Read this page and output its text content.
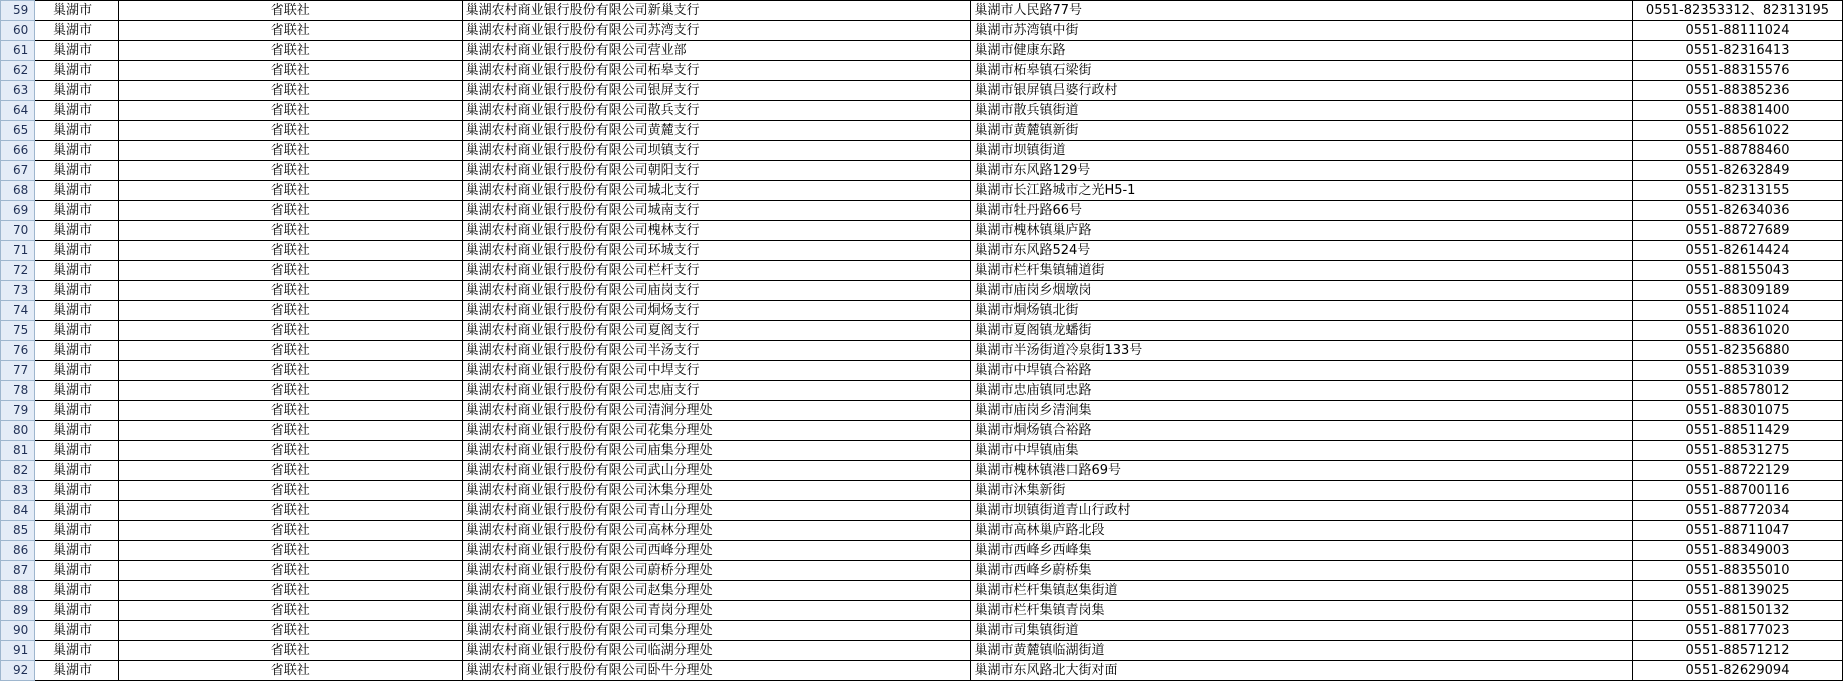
59	巢湖市	省联社	巢湖农村商业银行股份有限公司新巢支行	巢湖市人民路77号	0551-82353312、82313195
60	巢湖市	省联社	巢湖农村商业银行股份有限公司苏湾支行	巢湖市苏湾镇中街	0551-88111024
61	巢湖市	省联社	巢湖农村商业银行股份有限公司营业部	巢湖市健康东路	0551-82316413
62	巢湖市	省联社	巢湖农村商业银行股份有限公司柘皋支行	巢湖市柘皋镇石梁街	0551-88315576
63	巢湖市	省联社	巢湖农村商业银行股份有限公司银屏支行	巢湖市银屏镇吕婆行政村	0551-88385236
64	巢湖市	省联社	巢湖农村商业银行股份有限公司散兵支行	巢湖市散兵镇街道	0551-88381400
65	巢湖市	省联社	巢湖农村商业银行股份有限公司黄麓支行	巢湖市黄麓镇新街	0551-88561022
66	巢湖市	省联社	巢湖农村商业银行股份有限公司坝镇支行	巢湖市坝镇街道	0551-88788460
67	巢湖市	省联社	巢湖农村商业银行股份有限公司朝阳支行	巢湖市东风路129号	0551-82632849
68	巢湖市	省联社	巢湖农村商业银行股份有限公司城北支行	巢湖市长江路城市之光H5-1	0551-82313155
69	巢湖市	省联社	巢湖农村商业银行股份有限公司城南支行	巢湖市牡丹路66号	0551-82634036
70	巢湖市	省联社	巢湖农村商业银行股份有限公司槐林支行	巢湖市槐林镇巢庐路	0551-88727689
71	巢湖市	省联社	巢湖农村商业银行股份有限公司环城支行	巢湖市东风路524号	0551-82614424
72	巢湖市	省联社	巢湖农村商业银行股份有限公司栏杆支行	巢湖市栏杆集镇辅道街	0551-88155043
73	巢湖市	省联社	巢湖农村商业银行股份有限公司庙岗支行	巢湖市庙岗乡烟墩岗	0551-88309189
74	巢湖市	省联社	巢湖农村商业银行股份有限公司烔炀支行	巢湖市烔炀镇北街	0551-88511024
75	巢湖市	省联社	巢湖农村商业银行股份有限公司夏阁支行	巢湖市夏阁镇龙蟠街	0551-88361020
76	巢湖市	省联社	巢湖农村商业银行股份有限公司半汤支行	巢湖市半汤街道冷泉街133号	0551-82356880
77	巢湖市	省联社	巢湖农村商业银行股份有限公司中垾支行	巢湖市中垾镇合裕路	0551-88531039
78	巢湖市	省联社	巢湖农村商业银行股份有限公司忠庙支行	巢湖市忠庙镇同忠路	0551-88578012
79	巢湖市	省联社	巢湖农村商业银行股份有限公司清涧分理处	巢湖市庙岗乡清涧集	0551-88301075
80	巢湖市	省联社	巢湖农村商业银行股份有限公司花集分理处	巢湖市烔炀镇合裕路	0551-88511429
81	巢湖市	省联社	巢湖农村商业银行股份有限公司庙集分理处	巢湖市中垾镇庙集	0551-88531275
82	巢湖市	省联社	巢湖农村商业银行股份有限公司武山分理处	巢湖市槐林镇港口路69号	0551-88722129
83	巢湖市	省联社	巢湖农村商业银行股份有限公司沐集分理处	巢湖市沐集新街	0551-88700116
84	巢湖市	省联社	巢湖农村商业银行股份有限公司青山分理处	巢湖市坝镇街道青山行政村	0551-88772034
85	巢湖市	省联社	巢湖农村商业银行股份有限公司高林分理处	巢湖市高林巢庐路北段	0551-88711047
86	巢湖市	省联社	巢湖农村商业银行股份有限公司西峰分理处	巢湖市西峰乡西峰集	0551-88349003
87	巢湖市	省联社	巢湖农村商业银行股份有限公司蔚桥分理处	巢湖市西峰乡蔚桥集	0551-88355010
88	巢湖市	省联社	巢湖农村商业银行股份有限公司赵集分理处	巢湖市栏杆集镇赵集街道	0551-88139025
89	巢湖市	省联社	巢湖农村商业银行股份有限公司青岗分理处	巢湖市栏杆集镇青岗集	0551-88150132
90	巢湖市	省联社	巢湖农村商业银行股份有限公司司集分理处	巢湖市司集镇街道	0551-88177023
91	巢湖市	省联社	巢湖农村商业银行股份有限公司临湖分理处	巢湖市黄麓镇临湖街道	0551-88571212
92	巢湖市	省联社	巢湖农村商业银行股份有限公司卧牛分理处	巢湖市东风路北大街对面	0551-82629094
